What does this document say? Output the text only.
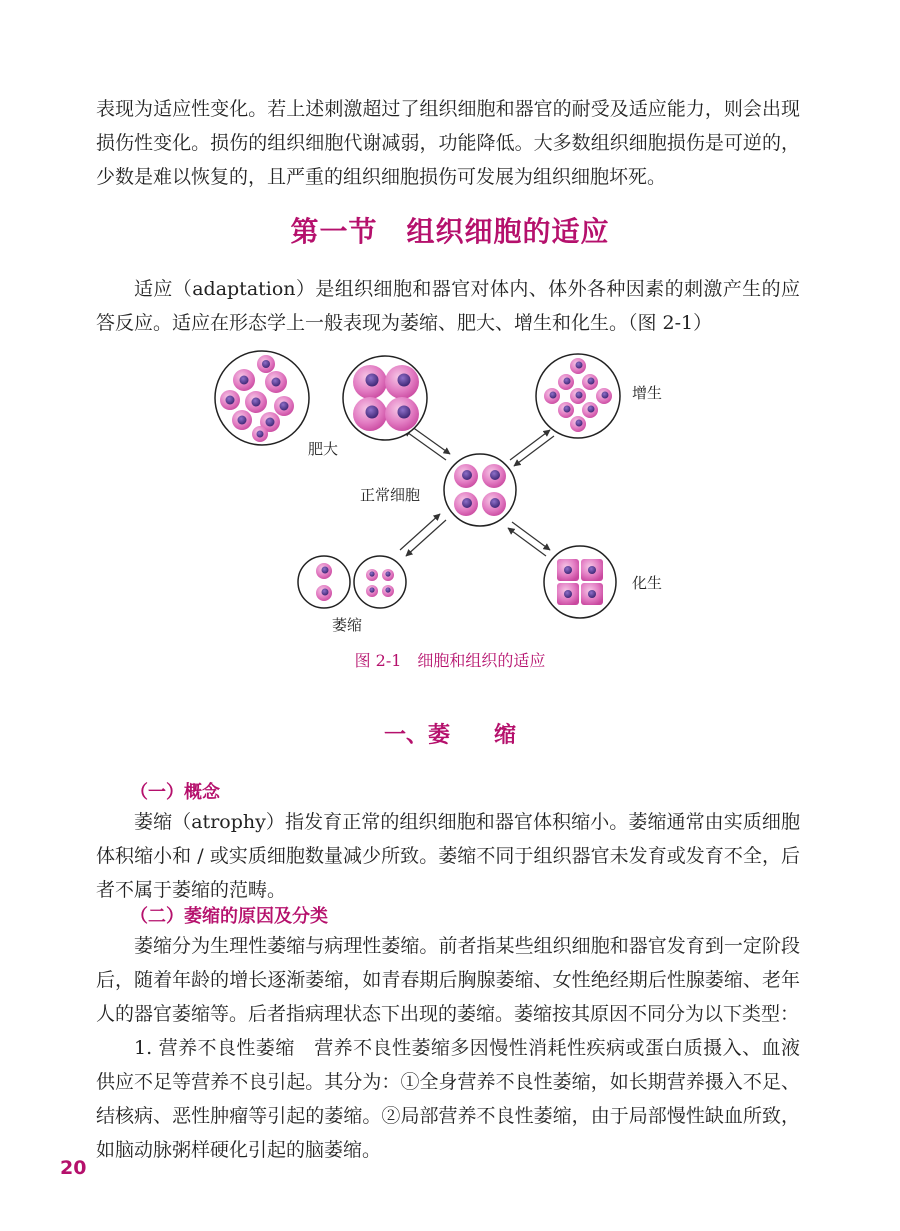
表现为适应性变化。若上述刺激超过了组织细胞和器官的耐受及适应能力，则会出现损伤性变化。损伤的组织细胞代谢减弱，功能降低。大多数组织细胞损伤是可逆的，少数是难以恢复的，且严重的组织细胞损伤可发展为组织细胞坏死。

第一节　组织细胞的适应

适应（adaptation）是组织细胞和器官对体内、体外各种因素的刺激产生的应答反应。适应在形态学上一般表现为萎缩、肥大、增生和化生。（图 2-1）

肥大
增生
正常细胞
化生
萎缩
图 2-1　细胞和组织的适应
一、萎　　缩
（一）概念

萎缩（atrophy）指发育正常的组织细胞和器官体积缩小。萎缩通常由实质细胞体积缩小和 / 或实质细胞数量减少所致。萎缩不同于组织器官未发育或发育不全，后者不属于萎缩的范畴。

（二）萎缩的原因及分类

萎缩分为生理性萎缩与病理性萎缩。前者指某些组织细胞和器官发育到一定阶段后，随着年龄的增长逐渐萎缩，如青春期后胸腺萎缩、女性绝经期后性腺萎缩、老年人的器官萎缩等。后者指病理状态下出现的萎缩。萎缩按其原因不同分为以下类型：

1. 营养不良性萎缩　营养不良性萎缩多因慢性消耗性疾病或蛋白质摄入、血液供应不足等营养不良引起。其分为：①全身营养不良性萎缩，如长期营养摄入不足、结核病、恶性肿瘤等引起的萎缩。②局部营养不良性萎缩，由于局部慢性缺血所致，如脑动脉粥样硬化引起的脑萎缩。

20
